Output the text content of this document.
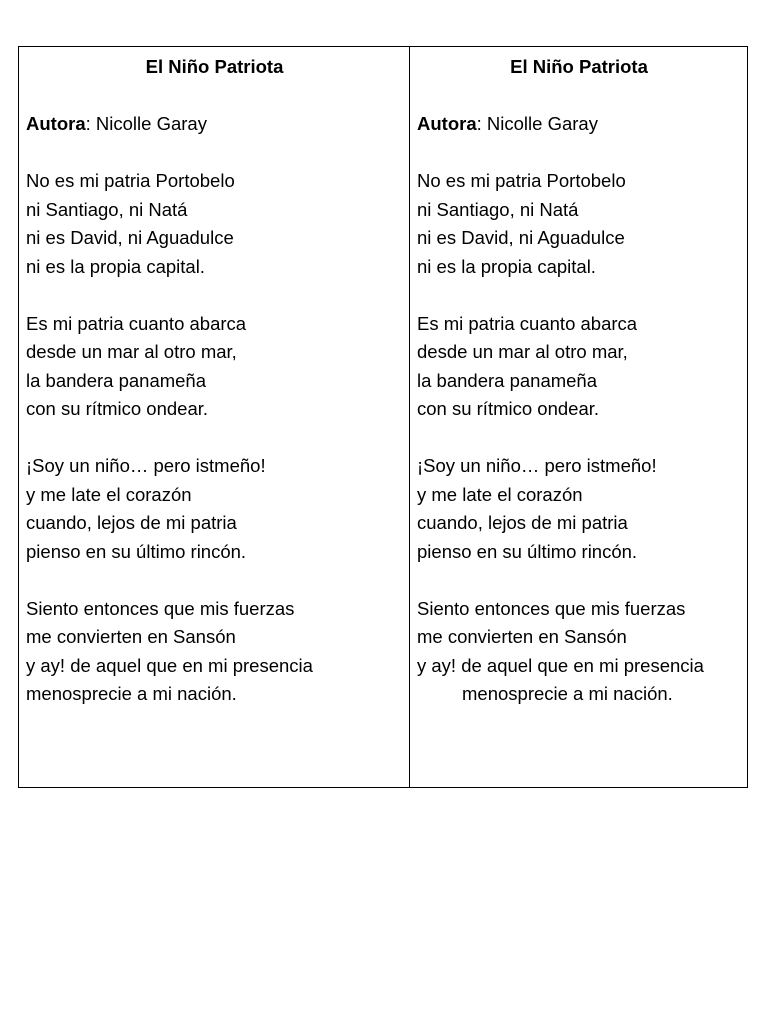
El Niño Patriota

Autora: Nicolle Garay

No es mi patria Portobelo

ni Santiago, ni Natá

ni es David, ni Aguadulce

ni es la propia capital.

Es mi patria cuanto abarca

desde un mar al otro mar,

la bandera panameña

con su rítmico ondear.

¡Soy un niño… pero istmeño!

y me late el corazón

cuando, lejos de mi patria

pienso en su último rincón.

Siento entonces que mis fuerzas

me convierten en Sansón

y ay! de aquel que en mi presencia

menosprecie a mi nación.

El Niño Patriota

Autora: Nicolle Garay

No es mi patria Portobelo

ni Santiago, ni Natá

ni es David, ni Aguadulce

ni es la propia capital.

Es mi patria cuanto abarca

desde un mar al otro mar,

la bandera panameña

con su rítmico ondear.

¡Soy un niño… pero istmeño!

y me late el corazón

cuando, lejos de mi patria

pienso en su último rincón.

Siento entonces que mis fuerzas

me convierten en Sansón

y ay! de aquel que en mi presencia

menosprecie a mi nación.
